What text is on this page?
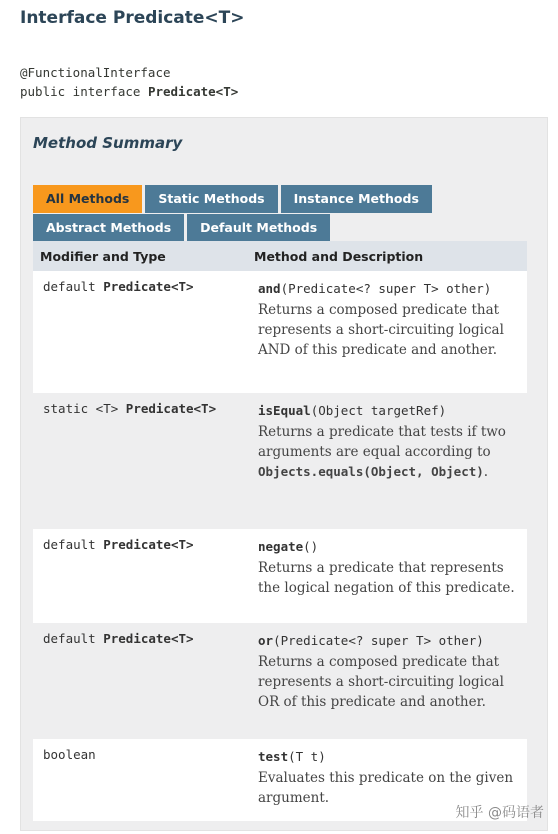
Interface Predicate<T>
@FunctionalInterface
public interface Predicate<T>
Method Summary
All Methods	Static Methods	Instance Methods
Abstract Methods	Default Methods
Modifier and Type	Method and Description
default Predicate<T>	and(Predicate<? super T> other)
Returns a composed predicate that represents a short-circuiting logical AND of this predicate and another.
static <T> Predicate<T>	isEqual(Object targetRef)
Returns a predicate that tests if two arguments are equal according to Objects.equals(Object, Object).
default Predicate<T>	negate()
Returns a predicate that represents the logical negation of this predicate.
default Predicate<T>	or(Predicate<? super T> other)
Returns a composed predicate that represents a short-circuiting logical OR of this predicate and another.
boolean	test(T t)
Evaluates this predicate on the given argument.
知乎 @码语者
